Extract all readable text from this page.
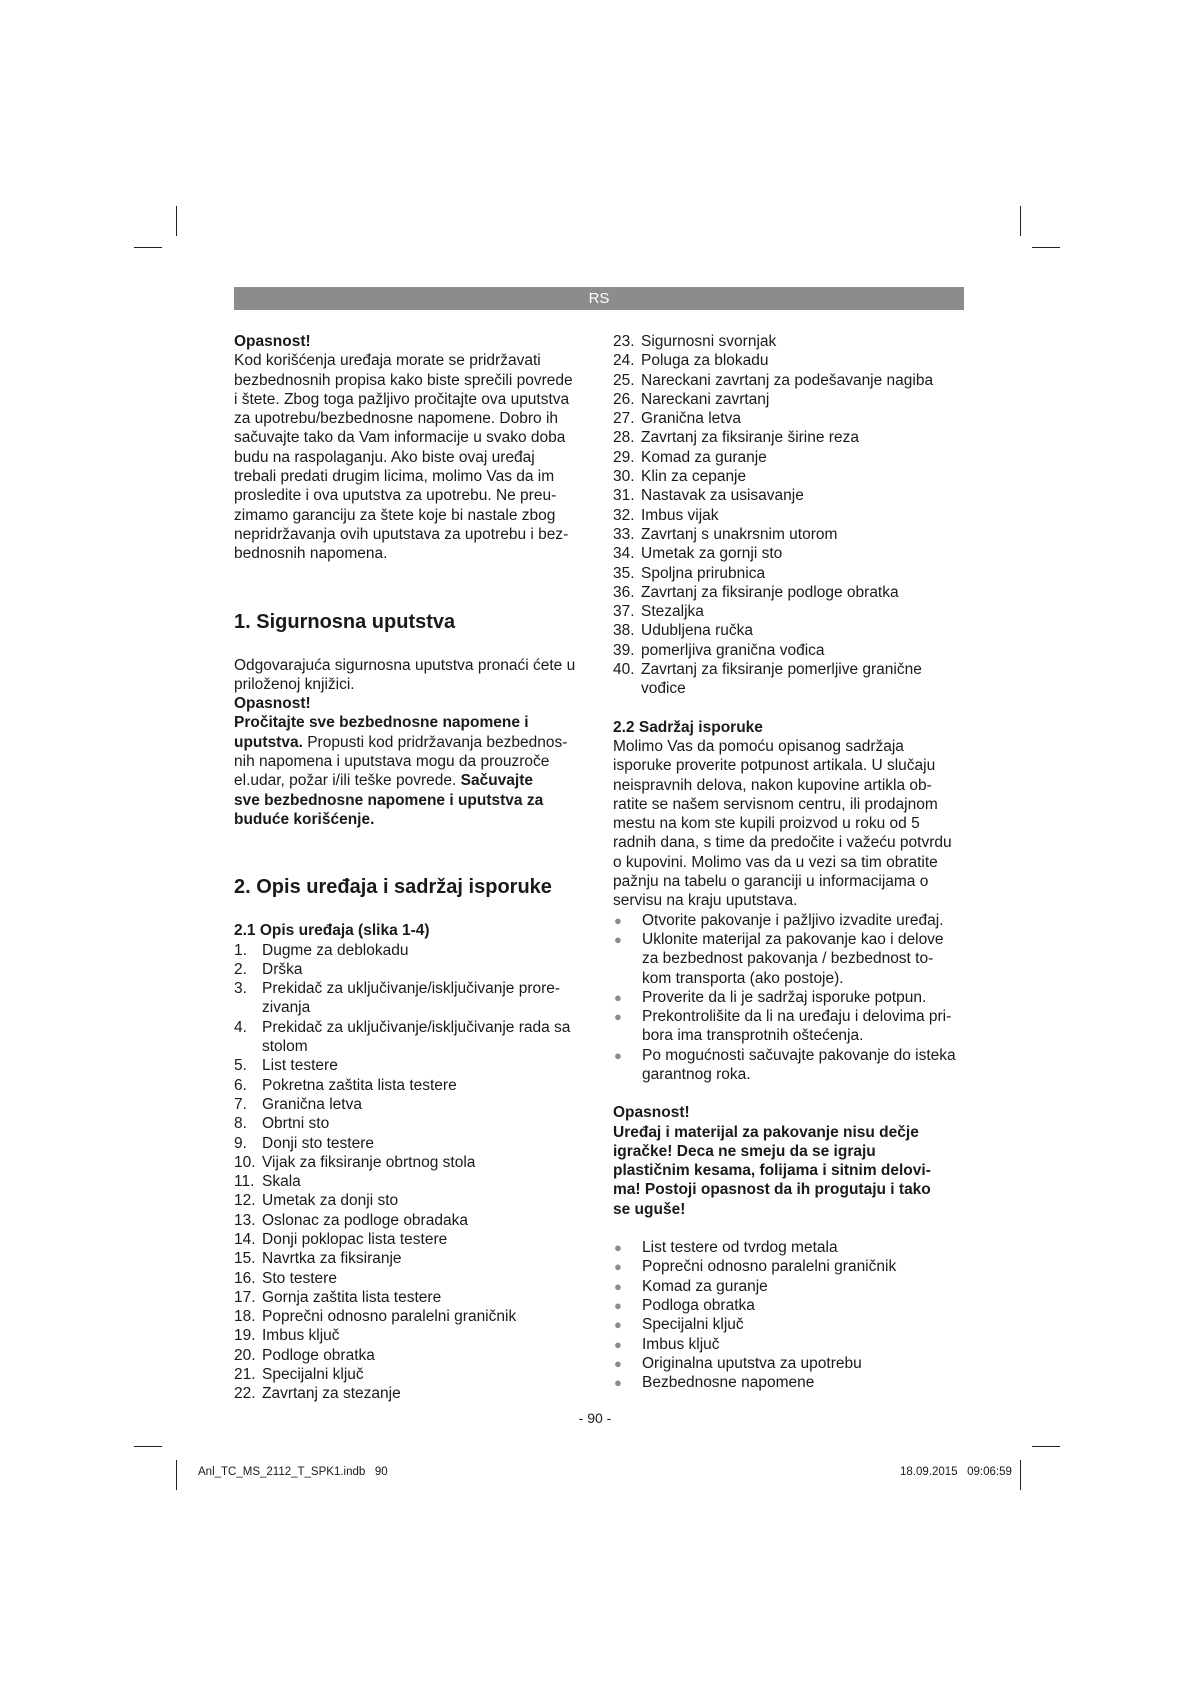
RS

Opasnost!

Kod korišćenja uređaja morate se pridržavati
bezbednosnih propisa kako biste sprečili povrede
i štete. Zbog toga pažljivo pročitajte ova uputstva
za upotrebu/bezbednosne napomene. Dobro ih
sačuvajte tako da Vam informacije u svako doba
budu na raspolaganju. Ako biste ovaj uređaj
trebali predati drugim licima, molimo Vas da im
prosledite i ova uputstva za upotrebu. Ne preu-
zimamo garanciju za štete koje bi nastale zbog
nepridržavanja ovih uputstava za upotrebu i bez-
bednosnih napomena.
1. Sigurnosna uputstva
Odgovarajuća sigurnosna uputstva pronaći ćete u
priloženoj knjižici.
Opasnost!
Pročitajte sve bezbednosne napomene i
uputstva. Propusti kod pridržavanja bezbednos-
nih napomena i uputstava mogu da prouzroče
el.udar, požar i/ili teške povrede. Sačuvajte
sve bezbednosne napomene i uputstva za
buduće korišćenje.
2. Opis uređaja i sadržaj isporuke
2.1 Opis uređaja (slika 1-4)
1. Dugme za deblokadu
2. Drška
3. Prekidač za uključivanje/isključivanje prore-
zivanja
4. Prekidač za uključivanje/isključivanje rada sa
stolom
5. List testere
6. Pokretna zaštita lista testere
7. Granična letva
8. Obrtni sto
9. Donji sto testere
10. Vijak za fiksiranje obrtnog stola
11. Skala
12. Umetak za donji sto
13. Oslonac za podloge obradaka
14. Donji poklopac lista testere
15. Navrtka za fiksiranje
16. Sto testere
17. Gornja zaštita lista testere
18. Poprečni odnosno paralelni graničnik
19. Imbus ključ
20. Podloge obratka
21. Specijalni ključ
22. Zavrtanj za stezanje
23. Sigurnosni svornjak
24. Poluga za blokadu
25. Nareckani zavrtanj za podešavanje nagiba
26. Nareckani zavrtanj
27. Granična letva
28. Zavrtanj za fiksiranje širine reza
29. Komad za guranje
30. Klin za cepanje
31. Nastavak za usisavanje
32. Imbus vijak
33. Zavrtanj s unakrsnim utorom
34. Umetak za gornji sto
35. Spoljna prirubnica
36. Zavrtanj za fiksiranje podloge obratka
37. Stezaljka
38. Udubljena ručka
39. pomerljiva granična vođica
40. Zavrtanj za fiksiranje pomerljive granične
vođice
2.2 Sadržaj isporuke
Molimo Vas da pomoću opisanog sadržaja
isporuke proverite potpunost artikala. U slučaju
neispravnih delova, nakon kupovine artikla ob-
ratite se našem servisnom centru, ili prodajnom
mestu na kom ste kupili proizvod u roku od 5
radnih dana, s time da predočite i važeću potvrdu
o kupovini. Molimo vas da u vezi sa tim obratite
pažnju na tabelu o garanciji u informacijama o
servisu na kraju uputstava.
●	Otvorite pakovanje i pažljivo izvadite uređaj.
●	Uklonite materijal za pakovanje kao i delove
za bezbednost pakovanja / bezbednost to-
kom transporta (ako postoje).
●	Proverite da li je sadržaj isporuke potpun.
●	Prekontrolišite da li na uređaju i delovima pri-
bora ima transprotnih oštećenja.
●	Po mogućnosti sačuvajte pakovanje do isteka
garantnog roka.
Opasnost!
Uređaj i materijal za pakovanje nisu dečje
igračke! Deca ne smeju da se igraju
plastičnim kesama, folijama i sitnim delovi-
ma! Postoji opasnost da ih progutaju i tako
se uguše!
●	List testere od tvrdog metala
●	Poprečni odnosno paralelni graničnik
●	Komad za guranje
●	Podloga obratka
●	Specijalni ključ
●	Imbus ključ
●	Originalna uputstva za upotrebu
●	Bezbednosne napomene
- 90 -
Anl_TC_MS_2112_T_SPK1.indb   90	18.09.2015   09:06:59
